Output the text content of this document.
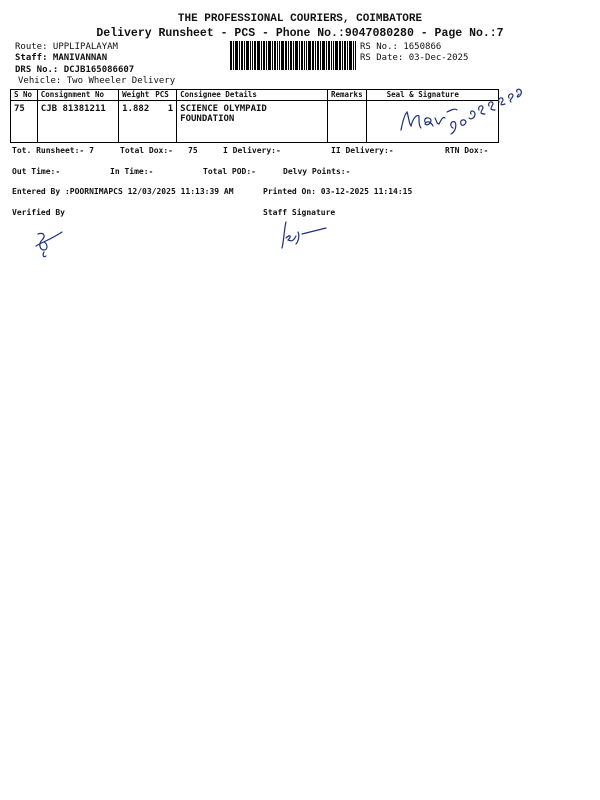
THE PROFESSIONAL COURIERS, COIMBATORE
Delivery Runsheet - PCS - Phone No.:9047080280 - Page No.:7
Route: UPPLIPALAYAM
Staff: MANIVANNAN
DRS No.: DCJB165086607
Vehicle: Two Wheeler Delivery
RS No.: 1650866
RS Date: 03-Dec-2025
S No	Consignment No	Weight	PCS	Consignee Details	Remarks	Seal & Signature
75	CJB 81381211	1.882	1	SCIENCE OLYMPAID FOUNDATION		
Tot. Runsheet:- 7	Total Dox:- 75	I Delivery:-	II Delivery:-	RTN Dox:-
Out Time:-	In Time:-	Total POD:-	Delvy Points:-
Entered By :POORNIMAPCS 12/03/2025 11:13:39 AM	Printed On: 03-12-2025 11:14:15
Verified By	Staff Signature
